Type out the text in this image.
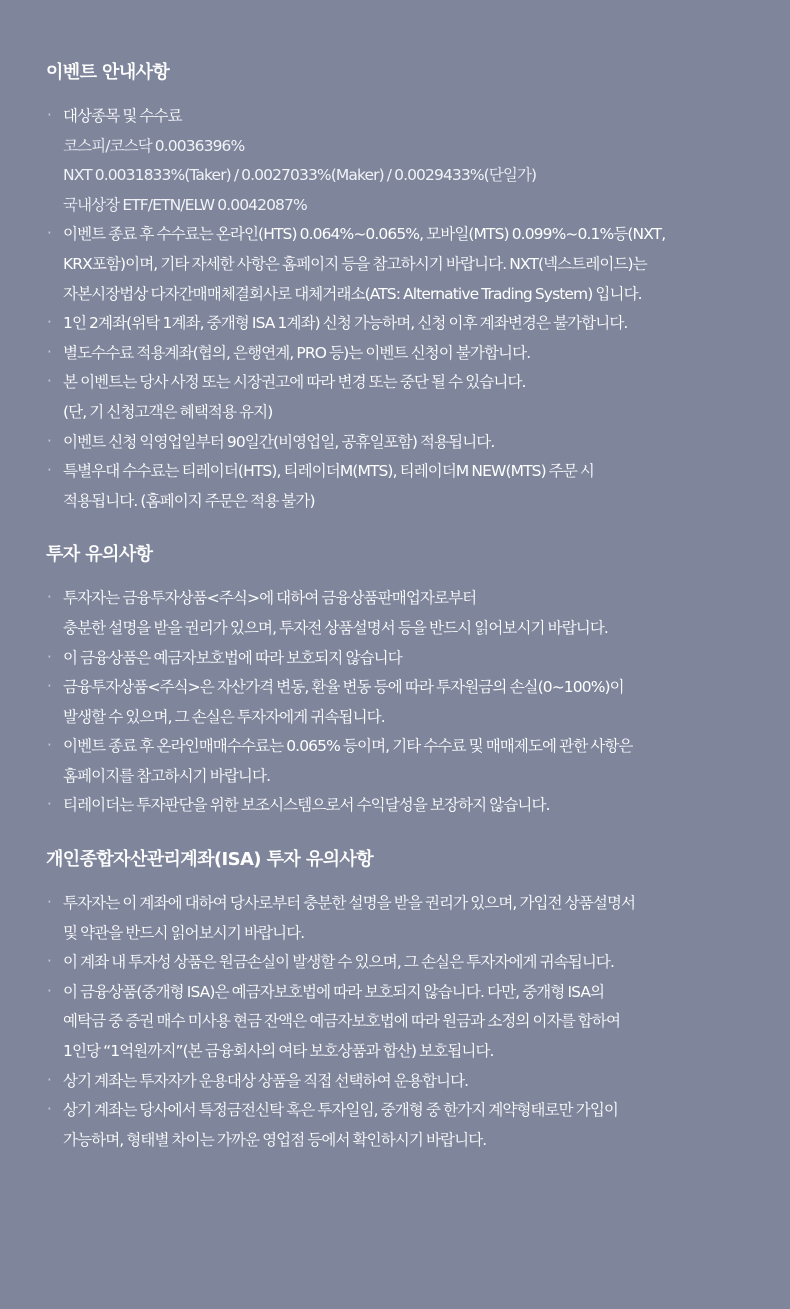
이벤트 안내사항
· 대상종목 및 수수료
코스피/코스닥 0.0036396%
NXT 0.0031833%(Taker) / 0.0027033%(Maker) / 0.0029433%(단일가)
국내상장 ETF/ETN/ELW 0.0042087%
· 이벤트 종료 후 수수료는 온라인(HTS) 0.064%~0.065%, 모바일(MTS) 0.099%~0.1%등(NXT,
KRX포함)이며, 기타 자세한 사항은 홈페이지 등을 참고하시기 바랍니다. NXT(넥스트레이드)는
자본시장법상 다자간매매체결회사로 대체거래소(ATS: Alternative Trading System) 입니다.
· 1인 2계좌(위탁 1계좌, 중개형 ISA 1계좌) 신청 가능하며, 신청 이후 계좌변경은 불가합니다.
· 별도수수료 적용계좌(협의, 은행연계, PRO 등)는 이벤트 신청이 불가합니다.
· 본 이벤트는 당사 사정 또는 시장권고에 따라 변경 또는 중단 될 수 있습니다.
(단, 기 신청고객은 혜택적용 유지)
· 이벤트 신청 익영업일부터 90일간(비영업일, 공휴일포함) 적용됩니다.
· 특별우대 수수료는 티레이더(HTS), 티레이더M(MTS), 티레이더M NEW(MTS) 주문 시
적용됩니다. (홈페이지 주문은 적용 불가)
투자 유의사항
· 투자자는 금융투자상품<주식>에 대하여 금융상품판매업자로부터
충분한 설명을 받을 권리가 있으며, 투자전 상품설명서 등을 반드시 읽어보시기 바랍니다.
· 이 금융상품은 예금자보호법에 따라 보호되지 않습니다
· 금융투자상품<주식>은 자산가격 변동, 환율 변동 등에 따라 투자원금의 손실(0~100%)이
발생할 수 있으며, 그 손실은 투자자에게 귀속됩니다.
· 이벤트 종료 후 온라인매매수수료는 0.065% 등이며, 기타 수수료 및 매매제도에 관한 사항은
홈페이지를 참고하시기 바랍니다.
· 티레이더는 투자판단을 위한 보조시스템으로서 수익달성을 보장하지 않습니다.
개인종합자산관리계좌(ISA) 투자 유의사항
· 투자자는 이 계좌에 대하여 당사로부터 충분한 설명을 받을 권리가 있으며, 가입전 상품설명서
및 약관을 반드시 읽어보시기 바랍니다.
· 이 계좌 내 투자성 상품은 원금손실이 발생할 수 있으며, 그 손실은 투자자에게 귀속됩니다.
· 이 금융상품(중개형 ISA)은 예금자보호법에 따라 보호되지 않습니다. 다만, 중개형 ISA의
예탁금 중 증권 매수 미사용 현금 잔액은 예금자보호법에 따라 원금과 소정의 이자를 합하여
1인당 “1억원까지”(본 금융회사의 여타 보호상품과 합산) 보호됩니다.
· 상기 계좌는 투자자가 운용대상 상품을 직접 선택하여 운용합니다.
· 상기 계좌는 당사에서 특정금전신탁 혹은 투자일임, 중개형 중 한가지 계약형태로만 가입이
가능하며, 형태별 차이는 가까운 영업점 등에서 확인하시기 바랍니다.
